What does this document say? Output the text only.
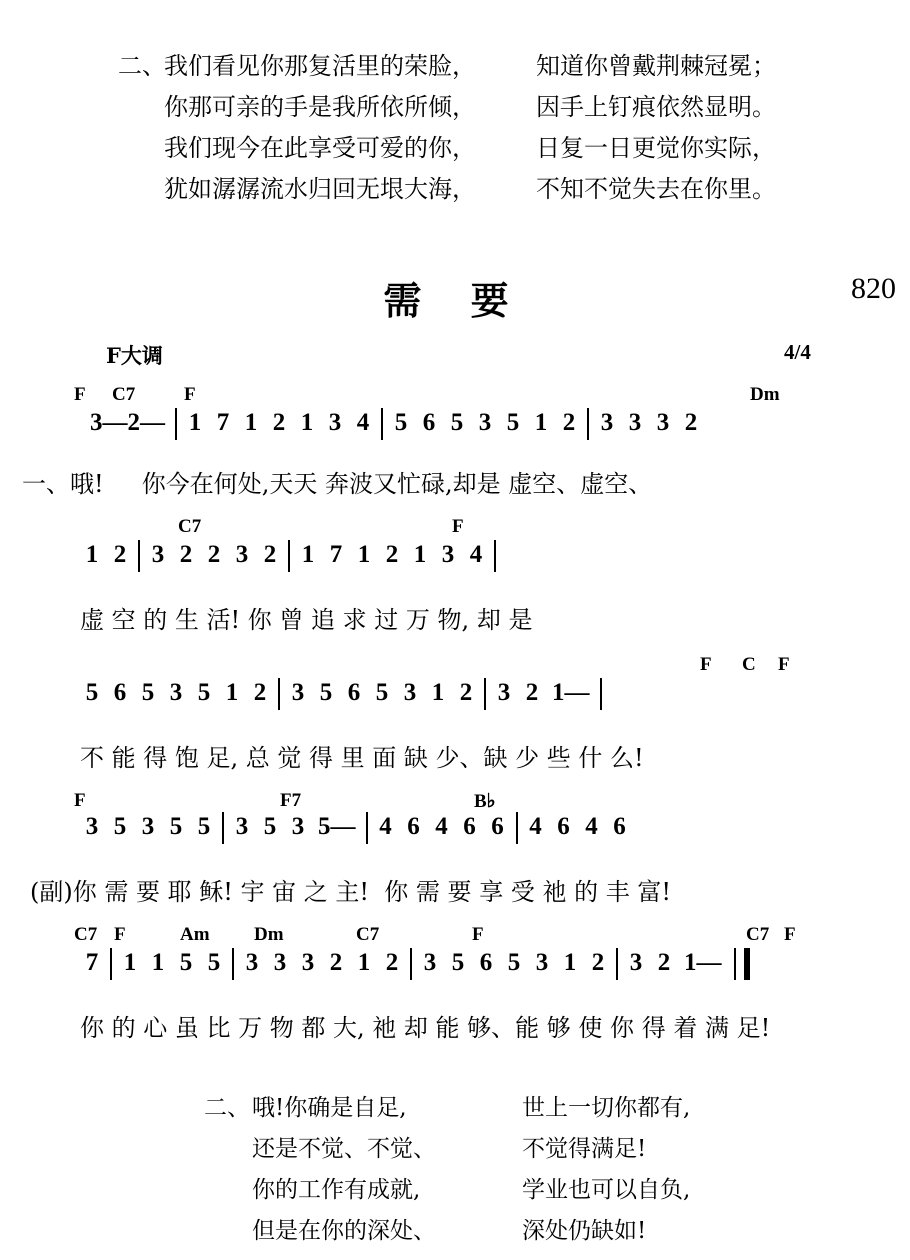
二、
我们看见你那复活里的荣脸，	知道你曾戴荆棘冠冕；
你那可亲的手是我所依所倾，	因手上钉痕依然显明。
我们现今在此享受可爱的你，	日复一日更觉你实际，
犹如潺潺流水归回无垠大海，	不知不觉失去在你里。
需 要	820
F大调	4/4
F C7	F	Dm
3—2— 1 7 1 2 1 3 4 5 6 5 3 5 1 2 3 3 3 2
一、哦!     你今在何处,天天 奔波又忙碌,却是 虚空、虚空、
C7	F
1 2 3 2 2 3 2 1 7 1 2 1 3 4
虚 空 的 生 活! 你 曾 追 求 过 万 物, 却 是
F C F
5 6 5 3 5 1 2 3 5 6 5 3 1 2 3 2 1—
不 能 得 饱 足, 总 觉 得 里 面 缺 少、缺 少 些 什 么!
F	F7	B♭
3 5 3 5 5 3 5 3 5— 4 6 4 6 6 4 6 4 6
(副)你 需 要 耶 稣! 宇 宙 之 主!  你 需 要 享 受 祂 的 丰 富!
C7 F	Am Dm	C7	F	C7 F
7 1 1 5 5 3 3 3 2 1 2 3 5 6 5 3 1 2 3 2 1—
你 的 心 虽 比 万 物 都 大, 祂 却 能 够、能 够 使 你 得 着 满 足!
二、 哦!你确是自足,	世上一切你都有,
还是不觉、不觉、	不觉得满足!
你的工作有成就,	学业也可以自负,
但是在你的深处、	深处仍缺如!
